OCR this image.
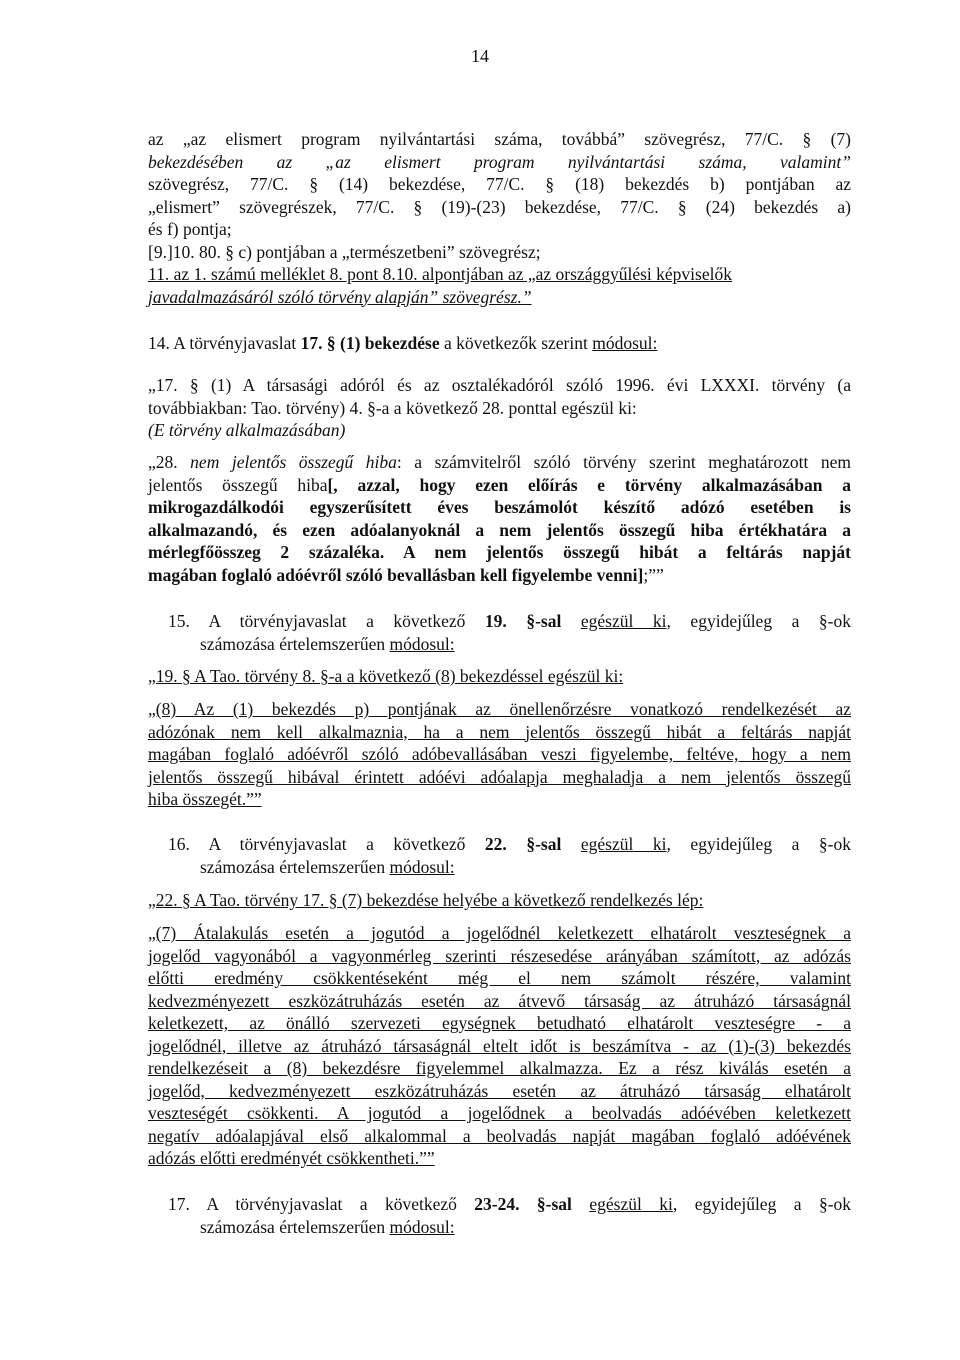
14
az „az elismert program nyilvántartási száma, továbbá” szövegrész, 77/C. § (7)
bekezdésében az „az elismert program nyilvántartási száma, valamint”
szövegrész, 77/C. § (14) bekezdése, 77/C. § (18) bekezdés b) pontjában az
„elismert” szövegrészek, 77/C. § (19)-(23) bekezdése, 77/C. § (24) bekezdés a)
és f) pontja;
[9.]10. 80. § c) pontjában a „természetbeni” szövegrész;
11. az 1. számú melléklet 8. pont 8.10. alpontjában az „az országgyűlési képviselők
javadalmazásáról szóló törvény alapján” szövegrész.”
14. A törvényjavaslat 17. § (1) bekezdése a következők szerint módosul:
„17. § (1) A társasági adóról és az osztalékadóról szóló 1996. évi LXXXI. törvény (a
továbbiakban: Tao. törvény) 4. §-a a következő 28. ponttal egészül ki:
(E törvény alkalmazásában)
„28. nem jelentős összegű hiba: a számvitelről szóló törvény szerint meghatározott nem
jelentős összegű hiba[, azzal, hogy ezen előírás e törvény alkalmazásában a
mikrogazdálkodói egyszerűsített éves beszámolót készítő adózó esetében is
alkalmazandó, és ezen adóalanyoknál a nem jelentős összegű hiba értékhatára a
mérlegfőösszeg 2 százaléka. A nem jelentős összegű hibát a feltárás napját
magában foglaló adóévről szóló bevallásban kell figyelembe venni];””
15. A törvényjavaslat a következő 19. §-sal egészül ki, egyidejűleg a §-ok
számozása értelemszerűen módosul:
„19. § A Tao. törvény 8. §-a a következő (8) bekezdéssel egészül ki:
„(8) Az (1) bekezdés p) pontjának az önellenőrzésre vonatkozó rendelkezését az
adózónak nem kell alkalmaznia, ha a nem jelentős összegű hibát a feltárás napját
magában foglaló adóévről szóló adóbevallásában veszi figyelembe, feltéve, hogy a nem
jelentős összegű hibával érintett adóévi adóalapja meghaladja a nem jelentős összegű
hiba összegét.””
16. A törvényjavaslat a következő 22. §-sal egészül ki, egyidejűleg a §-ok
számozása értelemszerűen módosul:
„22. § A Tao. törvény 17. § (7) bekezdése helyébe a következő rendelkezés lép:
„(7) Átalakulás esetén a jogutód a jogelődnél keletkezett elhatárolt veszteségnek a
jogelőd vagyonából a vagyonmérleg szerinti részesedése arányában számított, az adózás
előtti eredmény csökkentéseként még el nem számolt részére, valamint
kedvezményezett eszközátruházás esetén az átvevő társaság az átruházó társaságnál
keletkezett, az önálló szervezeti egységnek betudható elhatárolt veszteségre - a
jogelődnél, illetve az átruházó társaságnál eltelt időt is beszámítva - az (1)-(3) bekezdés
rendelkezéseit a (8) bekezdésre figyelemmel alkalmazza. Ez a rész kiválás esetén a
jogelőd, kedvezményezett eszközátruházás esetén az átruházó társaság elhatárolt
veszteségét csökkenti. A jogutód a jogelődnek a beolvadás adóévében keletkezett
negatív adóalapjával első alkalommal a beolvadás napját magában foglaló adóévének
adózás előtti eredményét csökkentheti.””
17. A törvényjavaslat a következő 23-24. §-sal egészül ki, egyidejűleg a §-ok
számozása értelemszerűen módosul:
